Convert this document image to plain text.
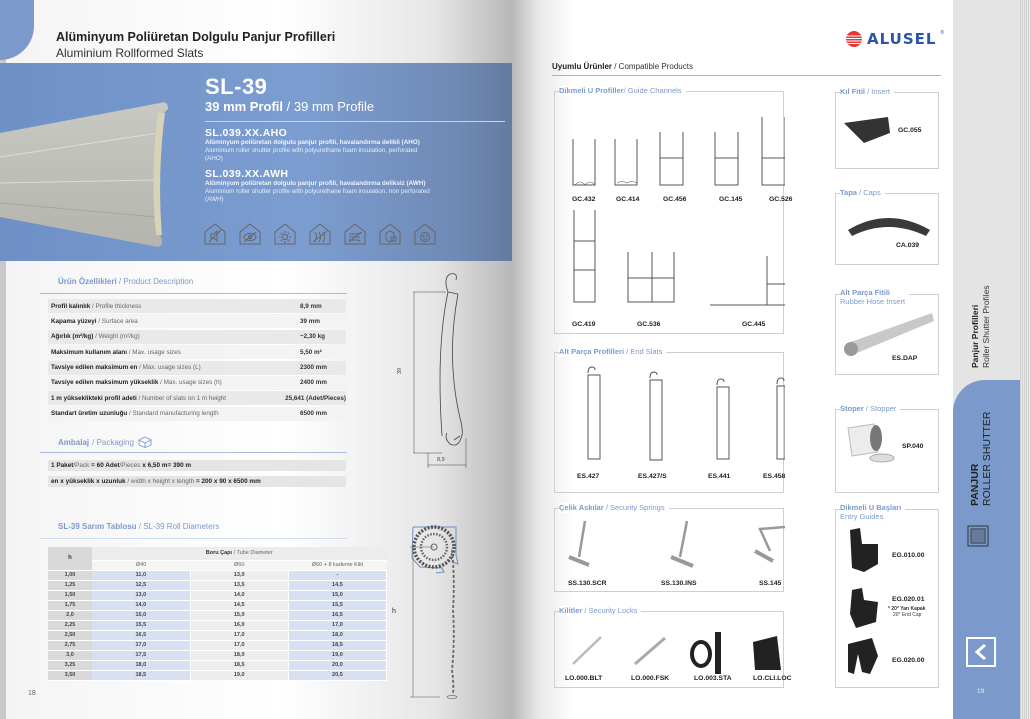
Alüminyum Poliüretan Dolgulu Panjur Profilleri
Aluminium Rollformed Slats
SL-39
39 mm Profil / 39 mm Profile
SL.039.XX.AHO
Alüminyum poliüretan dolgulu panjur profili, havalandırma delikli (AHO)
Aluminium roller shutter profile with polyurethane foam insulation, perforated (AHO)
SL.039.XX.AWH
Alüminyum poliüretan dolgulu panjur profili, havalandırma deliksiz (AWH)
Aluminium roller shutter profile with polyurethane foam insulation, non perforated (AWH)
Ürün Özellikleri / Product Description
Profil kalınlık / Profile thickness	8,9 mm
Kapama yüzeyi / Surface area	39 mm
Ağırlık (m²/kg) / Weight (m²/kg)	~2,30 kg
Maksimum kullanım alanı / Max. usage sizes	5,50 m²
Tavsiye edilen maksimum en / Max. usage sizes (L)	2300 mm
Tavsiye edilen maksimum yükseklik / Max. usage sizes (h)	2400 mm
1 m yükseklikteki profil adeti / Number of slats on 1 m height	25,641 (Adet/Pieces)
Standart üretim uzunluğu / Standard manufacturing length	6500 mm
Ambalaj / Packaging
1 Paket/Pack = 60 Adet/Pieces x 6,50 m= 390 m
en x yükseklik x uzunluk / width x height x length = 200 x 90 x 6500 mm
SL-39 Sarım Tablosu / SL-39 Roll Diameters
h	Boru Çapı / Tube Diameter		
	Ø40	Ø60	Ø60 + 8 kademe Kilit
1,00	11,0	13,0	-
1,25	12,5	13,5	14,5
1,50	13,0	14,0	15,0
1,75	14,0	14,5	15,5
2,0	15,0	15,0	16,5
2,25	15,5	16,0	17,0
2,50	16,5	17,0	18,0
2,75	17,0	17,0	18,5
3,0	17,5	18,0	19,0
3,25	18,0	18,5	20,0
3,50	18,5	19,0	20,5
39
8,9
h
18
ALUSEL ®
Uyumlu Ürünler / Compatible Products
Dikmeli U Profiller/ Guide Channels
GC.432	GC.414	GC.456	GC.145	GC.526
GC.419	GC.536	GC.445
Alt Parça Profilleri / End Slats
ES.427	ES.427/S	ES.441	ES.458
Çelik Askılar / Security Springs
SS.130.SCR	SS.130.INS	SS.145
Kilitler / Security Locks
LO.000.BLT	LO.000.FSK	LO.003.STA	LO.CLI.LOC
Kıl Fitil / Insert
GC.055
Tapa / Caps
CA.039
Alt Parça Fitili
Rubber Hose Insert
ES.DAP
Stoper / Stopper
SP.040
Dikmeli U Başları
Entry Guides
EG.010.00
EG.020.01
* 20° Yan Kapak
20° End Cap
EG.020.00
Panjur Profilleri Roller Shutter Profiles
PANJUR ROLLER SHUTTER
19
